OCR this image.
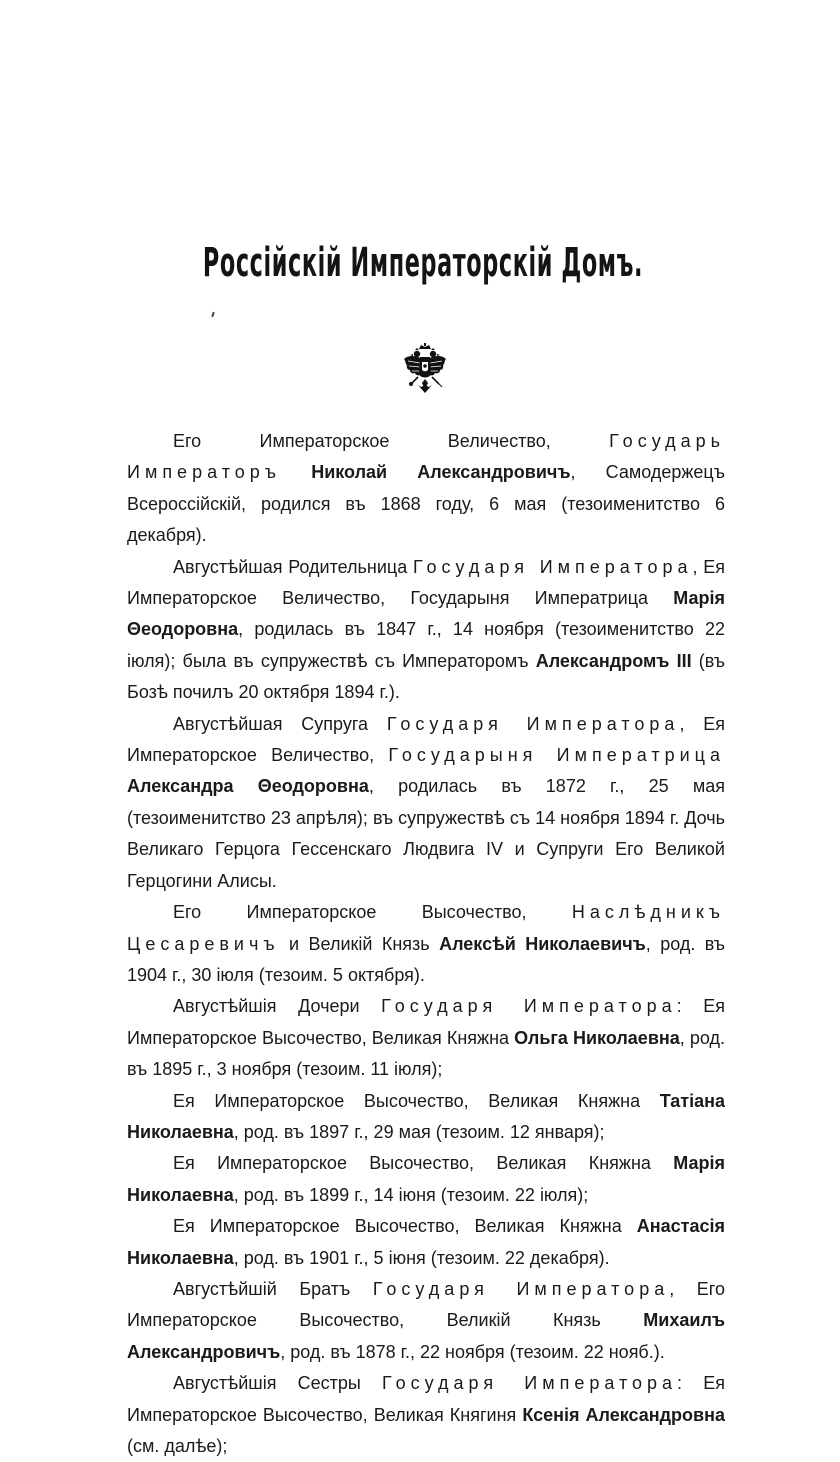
Россiйскiй Императорскiй Домъ.

Его Императорское Величество, Государь Императоръ Николай Александровичъ, Самодержецъ Всероссiйскiй, родился въ 1868 году, 6 мая (тезоименитство 6 декабря).

Августѣйшая Родительница Государя Императора, Ея Императорское Величество, Государыня Императрица Марiя Θеодоровна, родилась въ 1847 г., 14 ноября (тезоименитство 22 iюля); была въ супружествѣ съ Императоромъ Александромъ III (въ Бозѣ почилъ 20 октября 1894 г.).

Августѣйшая Супруга Государя Императора, Ея Императорское Величество, Государыня Императрица Александра Θеодоровна, родилась въ 1872 г., 25 мая (тезоименитство 23 апрѣля); въ супружествѣ съ 14 ноября 1894 г. Дочь Великаго Герцога Гессенскаго Людвига IV и Супруги Его Великой Герцогини Алисы.

Его Императорское Высочество, Наслѣдникъ Цесаревичъ и Великiй Князь Алексѣй Николаевичъ, род. въ 1904 г., 30 iюля (тезоим. 5 октября).

Августѣйшiя Дочери Государя Императора: Ея Императорское Высочество, Великая Княжна Ольга Николаевна, род. въ 1895 г., 3 ноября (тезоим. 11 iюля);

Ея Императорское Высочество, Великая Княжна Татiана Николаевна, род. въ 1897 г., 29 мая (тезоим. 12 января);

Ея Императорское Высочество, Великая Княжна Марiя Николаевна, род. въ 1899 г., 14 iюня (тезоим. 22 iюля);

Ея Императорское Высочество, Великая Княжна Анастасiя Николаевна, род. въ 1901 г., 5 iюня (тезоим. 22 декабря).

Августѣйшiй Братъ Государя Императора, Его Императорское Высочество, Великiй Князь Михаилъ Александровичъ, род. въ 1878 г., 22 ноября (тезоим. 22 нояб.).

Августѣйшiя Сестры Государя Императора: Ея Императорское Высочество, Великая Княгиня Ксенiя Александровна (см. далѣе);
